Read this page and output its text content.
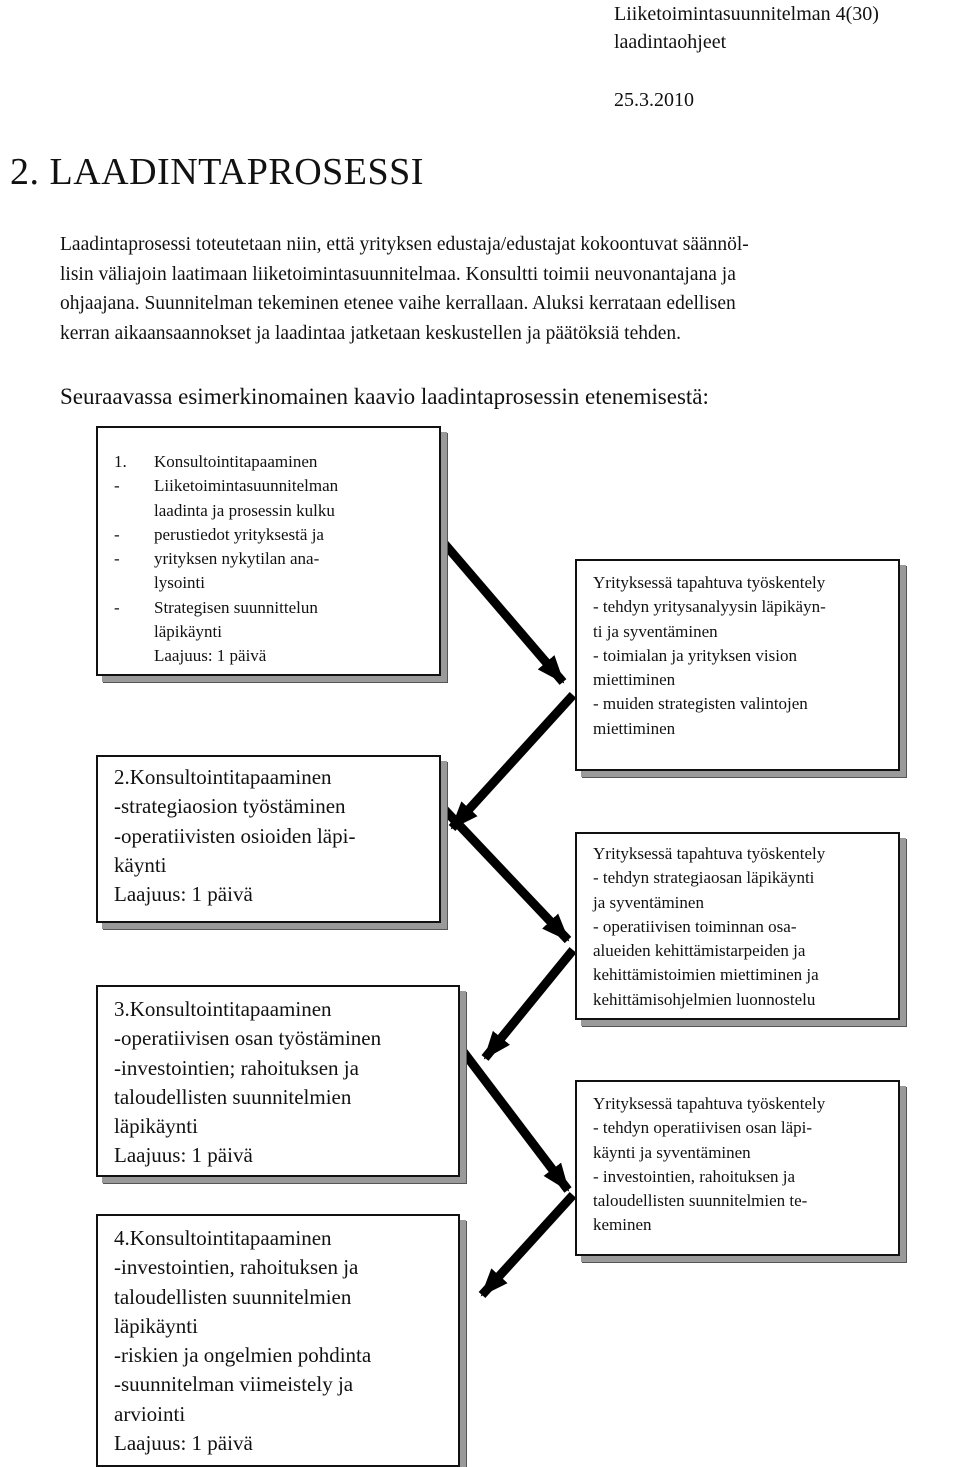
Liiketoimintasuunnitelman 4(30)
laadintaohjeet
25.3.2010
2. LAADINTAPROSESSI

Laadintaprosessi toteutetaan niin, että yrityksen edustaja/edustajat kokoontuvat säännöl-
lisin väliajoin laatimaan liiketoimintasuunnitelmaa. Konsultti toimii neuvonantajana ja
ohjaajana. Suunnitelman tekeminen etenee vaihe kerrallaan. Aluksi kerrataan edellisen
kerran aikaansaannokset ja laadintaa jatketaan keskustellen ja päätöksiä tehden.

Seuraavassa esimerkinomainen kaavio laadintaprosessin etenemisestä:
1.	Konsultointitapaaminen
-	Liiketoimintasuunnitelman
laadinta ja prosessin kulku
-	perustiedot yrityksestä ja
-	yrityksen nykytilan ana-
lysointi
-	Strategisen suunnittelun
läpikäynti
Laajuus: 1 päivä
2.Konsultointitapaaminen
-strategiaosion työstäminen
-operatiivisten osioiden läpi-
käynti
Laajuus: 1 päivä
3.Konsultointitapaaminen
-operatiivisen osan työstäminen
-investointien; rahoituksen ja
taloudellisten suunnitelmien
läpikäynti
Laajuus: 1 päivä
4.Konsultointitapaaminen
-investointien, rahoituksen ja
taloudellisten suunnitelmien
läpikäynti
-riskien ja ongelmien pohdinta
-suunnitelman viimeistely ja
arviointi
Laajuus: 1 päivä
Yrityksessä tapahtuva työskentely
- tehdyn yritysanalyysin läpikäyn-
ti ja syventäminen
- toimialan ja yrityksen vision
miettiminen
- muiden strategisten valintojen
miettiminen
Yrityksessä tapahtuva työskentely
- tehdyn strategiaosan läpikäynti
ja syventäminen
- operatiivisen toiminnan osa-
alueiden kehittämistarpeiden ja
kehittämistoimien miettiminen ja
kehittämisohjelmien luonnostelu
Yrityksessä tapahtuva työskentely
- tehdyn operatiivisen osan läpi-
käynti ja syventäminen
- investointien, rahoituksen ja
taloudellisten suunnitelmien te-
keminen
